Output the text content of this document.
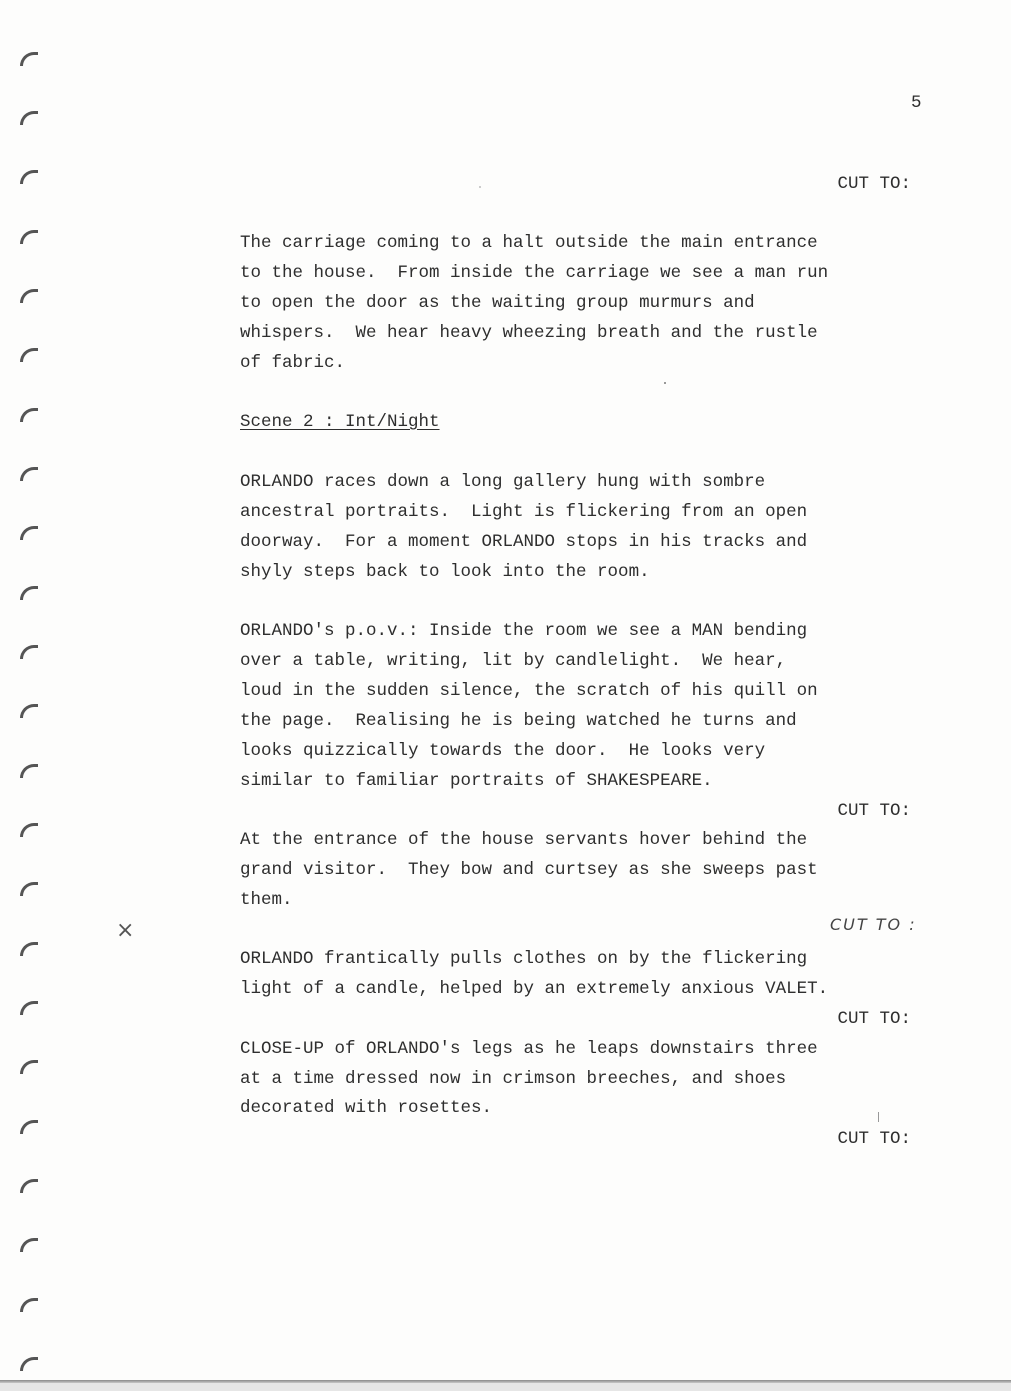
5
CUT TO:
The carriage coming to a halt outside the main entrance
to the house.  From inside the carriage we see a man run
to open the door as the waiting group murmurs and
whispers.  We hear heavy wheezing breath and the rustle
of fabric.
Scene 2 : Int/Night
ORLANDO races down a long gallery hung with sombre
ancestral portraits.  Light is flickering from an open
doorway.  For a moment ORLANDO stops in his tracks and
shyly steps back to look into the room.
ORLANDO's p.o.v.: Inside the room we see a MAN bending
over a table, writing, lit by candlelight.  We hear,
loud in the sudden silence, the scratch of his quill on
the page.  Realising he is being watched he turns and
looks quizzically towards the door.  He looks very
similar to familiar portraits of SHAKESPEARE.
CUT TO:
At the entrance of the house servants hover behind the
grand visitor.  They bow and curtsey as she sweeps past
them.
CUT TO :
×
ORLANDO frantically pulls clothes on by the flickering
light of a candle, helped by an extremely anxious VALET.
CUT TO:
CLOSE-UP of ORLANDO's legs as he leaps downstairs three
at a time dressed now in crimson breeches, and shoes
decorated with rosettes.
CUT TO:
